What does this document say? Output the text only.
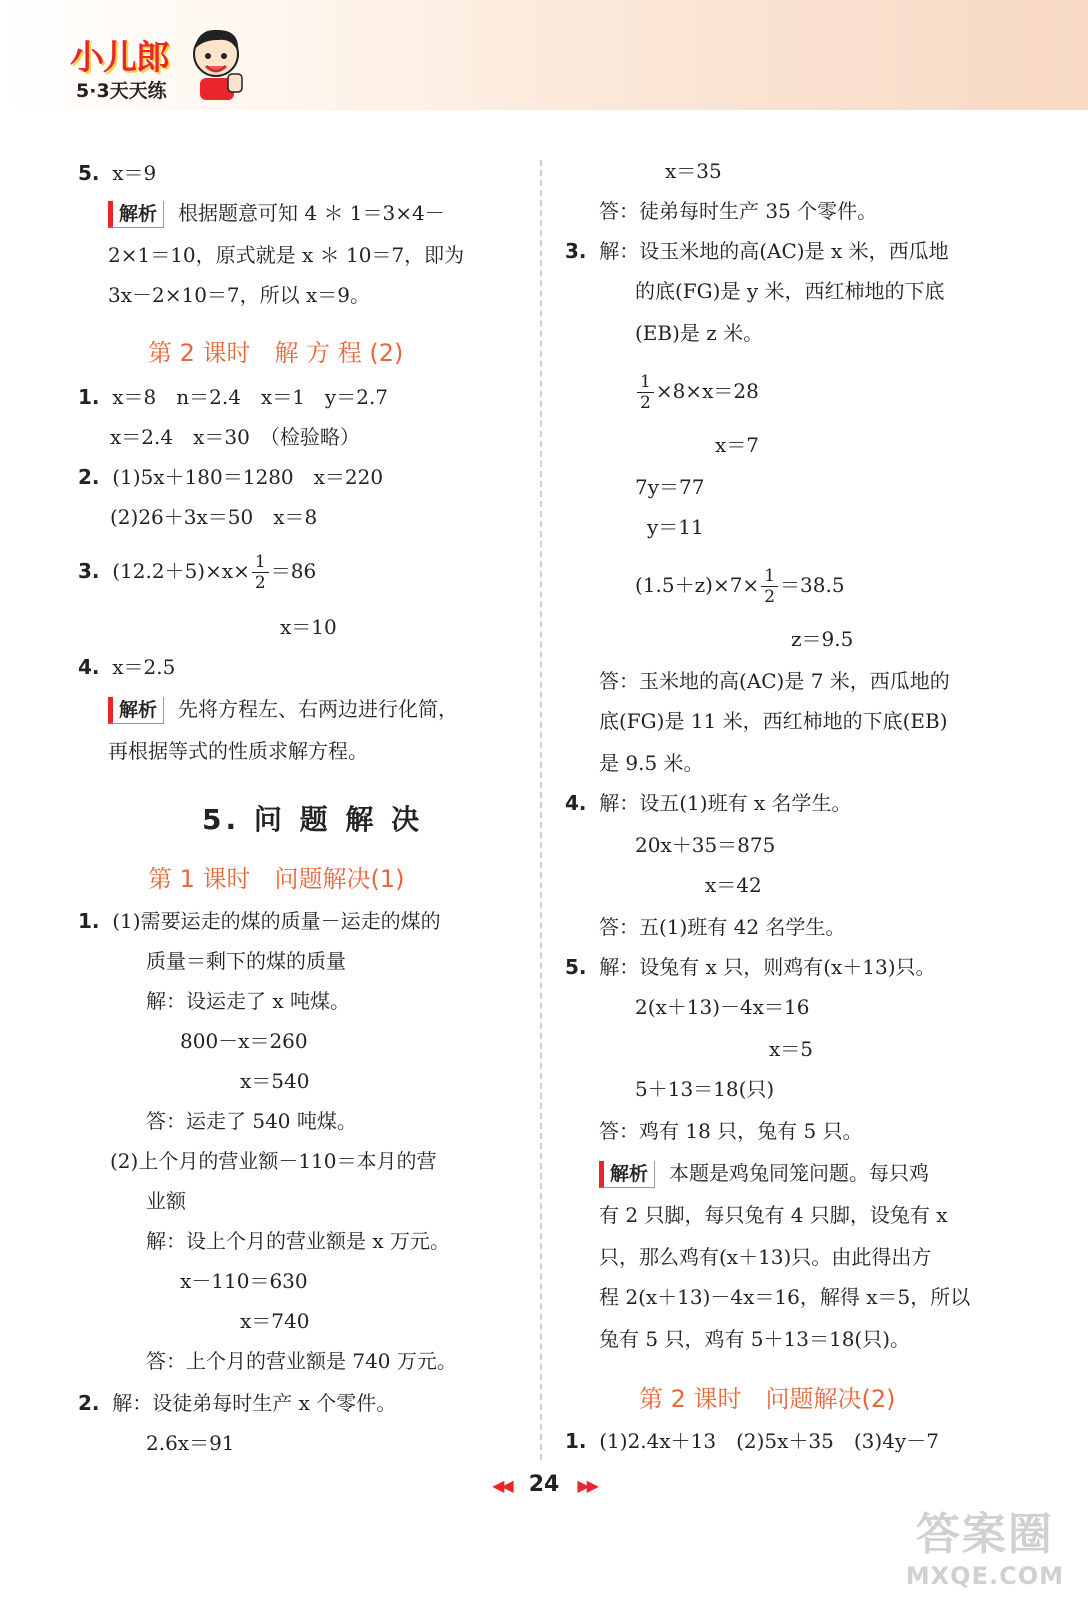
小儿郎
5·3天天练
5. x＝9
解析 根据题意可知 4 ＊ 1＝3×4－
2×1＝10，原式就是 x ＊ 10＝7，即为
3x－2×10＝7，所以 x＝9。
第 2 课时　解 方 程 (2)
1. x＝8　n＝2.4　x＝1　y＝2.7
x＝2.4　x＝30　（检验略）
2. (1)5x＋180＝1280　x＝220
(2)26＋3x＝50　x＝8
3. $(12.2+5)\times x\times \frac{1}{2} =86$
x＝10
4. x＝2.5
解析 先将方程左、右两边进行化简，
再根据等式的性质求解方程。
5. 问 题 解 决
第 1 课时　问题解决(1)
1. (1)需要运走的煤的质量－运走的煤的
质量＝剩下的煤的质量
解：设运走了 x 吨煤。
800－x＝260
x＝540
答：运走了 540 吨煤。
(2)上个月的营业额－110＝本月的营
业额
解：设上个月的营业额是 x 万元。
x－110＝630
x＝740
答：上个月的营业额是 740 万元。
2. 解：设徒弟每时生产 x 个零件。
2.6x＝91
x＝35
答：徒弟每时生产 35 个零件。
3. 解：设玉米地的高(AC)是 x 米，西瓜地
的底(FG)是 y 米，西红柿地的下底
(EB)是 z 米。
$\frac{1}{2} \times 8\times x=28$
x＝7
7y＝77
y＝11
$(1.5+z)\times 7\times \frac{1}{2} =38.5$
z＝9.5
答：玉米地的高(AC)是 7 米，西瓜地的
底(FG)是 11 米，西红柿地的下底(EB)
是 9.5 米。
4. 解：设五(1)班有 x 名学生。
20x＋35＝875
x＝42
答：五(1)班有 42 名学生。
5. 解：设兔有 x 只，则鸡有(x＋13)只。
2(x＋13)－4x＝16
x＝5
5＋13＝18(只)
答：鸡有 18 只，兔有 5 只。
解析 本题是鸡兔同笼问题。每只鸡
有 2 只脚，每只兔有 4 只脚，设兔有 x
只，那么鸡有(x＋13)只。由此得出方
程 2(x＋13)－4x＝16，解得 x＝5，所以
兔有 5 只，鸡有 5＋13＝18(只)。
第 2 课时　问题解决(2)
1. (1)2.4x＋13　(2)5x＋35　(3)4y－7
◀◀ 24 ▶▶
答案圈
MXQE.COM
